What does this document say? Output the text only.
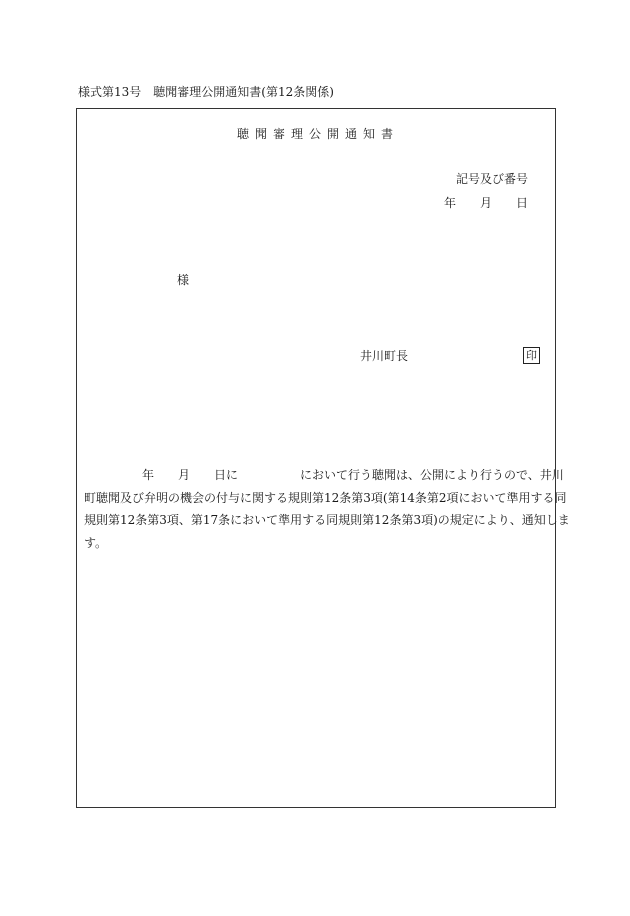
様式第13号　聴聞審理公開通知書(第12条関係)
聴聞審理公開通知書
記号及び番号
年 月 日
様
井川町長	印
年 月 日に	において行う聴聞は、公開により行うので、井川
町聴聞及び弁明の機会の付与に関する規則第12条第3項(第14条第2項において準用する同
規則第12条第3項、第17条において準用する同規則第12条第3項)の規定により、通知しま
す。
